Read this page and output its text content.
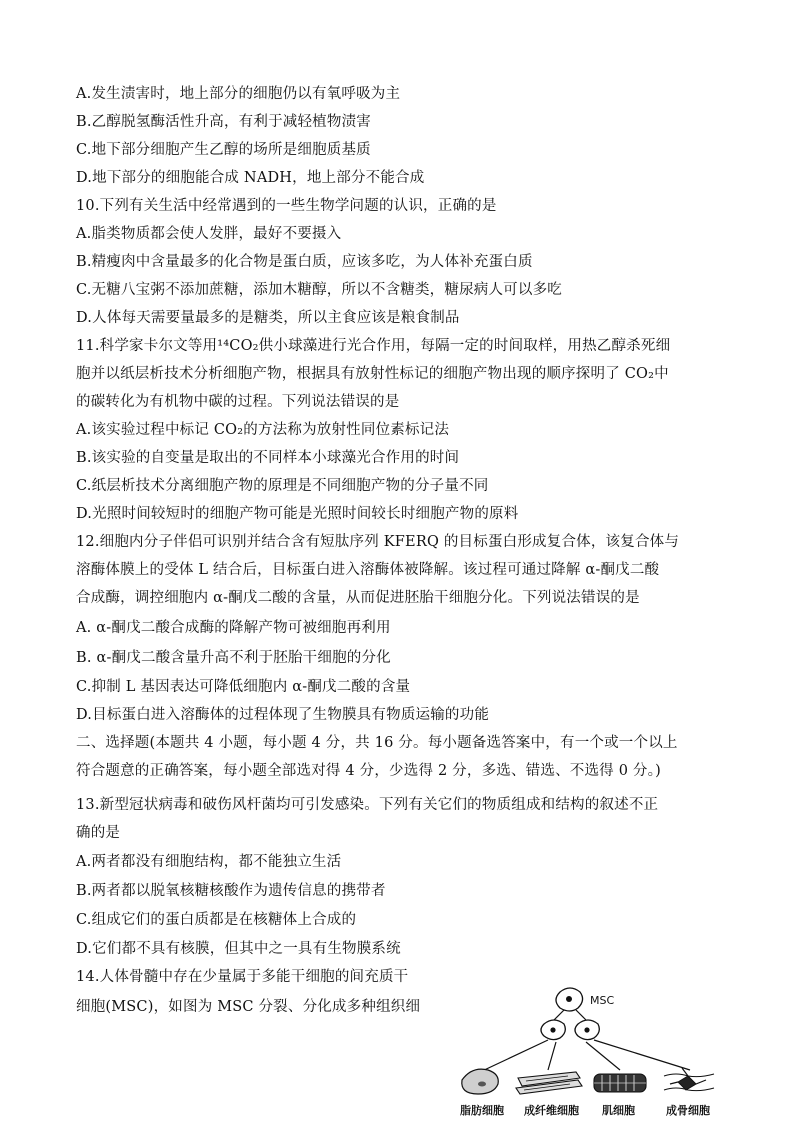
A.发生渍害时，地上部分的细胞仍以有氧呼吸为主
B.乙醇脱氢酶活性升高，有利于减轻植物渍害
C.地下部分细胞产生乙醇的场所是细胞质基质
D.地下部分的细胞能合成 NADH，地上部分不能合成
10.下列有关生活中经常遇到的一些生物学问题的认识，正确的是
A.脂类物质都会使人发胖，最好不要摄入
B.精瘦肉中含量最多的化合物是蛋白质，应该多吃，为人体补充蛋白质
C.无糖八宝粥不添加蔗糖，添加木糖醇，所以不含糖类，糖尿病人可以多吃
D.人体每天需要量最多的是糖类，所以主食应该是粮食制品
11.科学家卡尔文等用¹⁴CO₂供小球藻进行光合作用，每隔一定的时间取样，用热乙醇杀死细
胞并以纸层析技术分析细胞产物，根据具有放射性标记的细胞产物出现的顺序探明了 CO₂中
的碳转化为有机物中碳的过程。下列说法错误的是
A.该实验过程中标记 CO₂的方法称为放射性同位素标记法
B.该实验的自变量是取出的不同样本小球藻光合作用的时间
C.纸层析技术分离细胞产物的原理是不同细胞产物的分子量不同
D.光照时间较短时的细胞产物可能是光照时间较长时细胞产物的原料
12.细胞内分子伴侣可识别并结合含有短肽序列 KFERQ 的目标蛋白形成复合体，该复合体与
溶酶体膜上的受体 L 结合后，目标蛋白进入溶酶体被降解。该过程可通过降解 α-酮戊二酸
合成酶，调控细胞内 α-酮戊二酸的含量，从而促进胚胎干细胞分化。下列说法错误的是
A. α-酮戊二酸合成酶的降解产物可被细胞再利用
B. α-酮戊二酸含量升高不利于胚胎干细胞的分化
C.抑制 L 基因表达可降低细胞内 α-酮戊二酸的含量
D.目标蛋白进入溶酶体的过程体现了生物膜具有物质运输的功能
二、选择题(本题共 4 小题，每小题 4 分，共 16 分。每小题备选答案中，有一个或一个以上
符合题意的正确答案，每小题全部选对得 4 分，少选得 2 分，多选、错选、不选得 0 分。)
13.新型冠状病毒和破伤风杆菌均可引发感染。下列有关它们的物质组成和结构的叙述不正
确的是
A.两者都没有细胞结构，都不能独立生活
B.两者都以脱氧核糖核酸作为遗传信息的携带者
C.组成它们的蛋白质都是在核糖体上合成的
D.它们都不具有核膜，但其中之一具有生物膜系统
14.人体骨髓中存在少量属于多能干细胞的间充质干
细胞(MSC)，如图为 MSC 分裂、分化成多种组织细	MSC
脂肪细胞 成纤维细胞 肌细胞	成骨细胞
